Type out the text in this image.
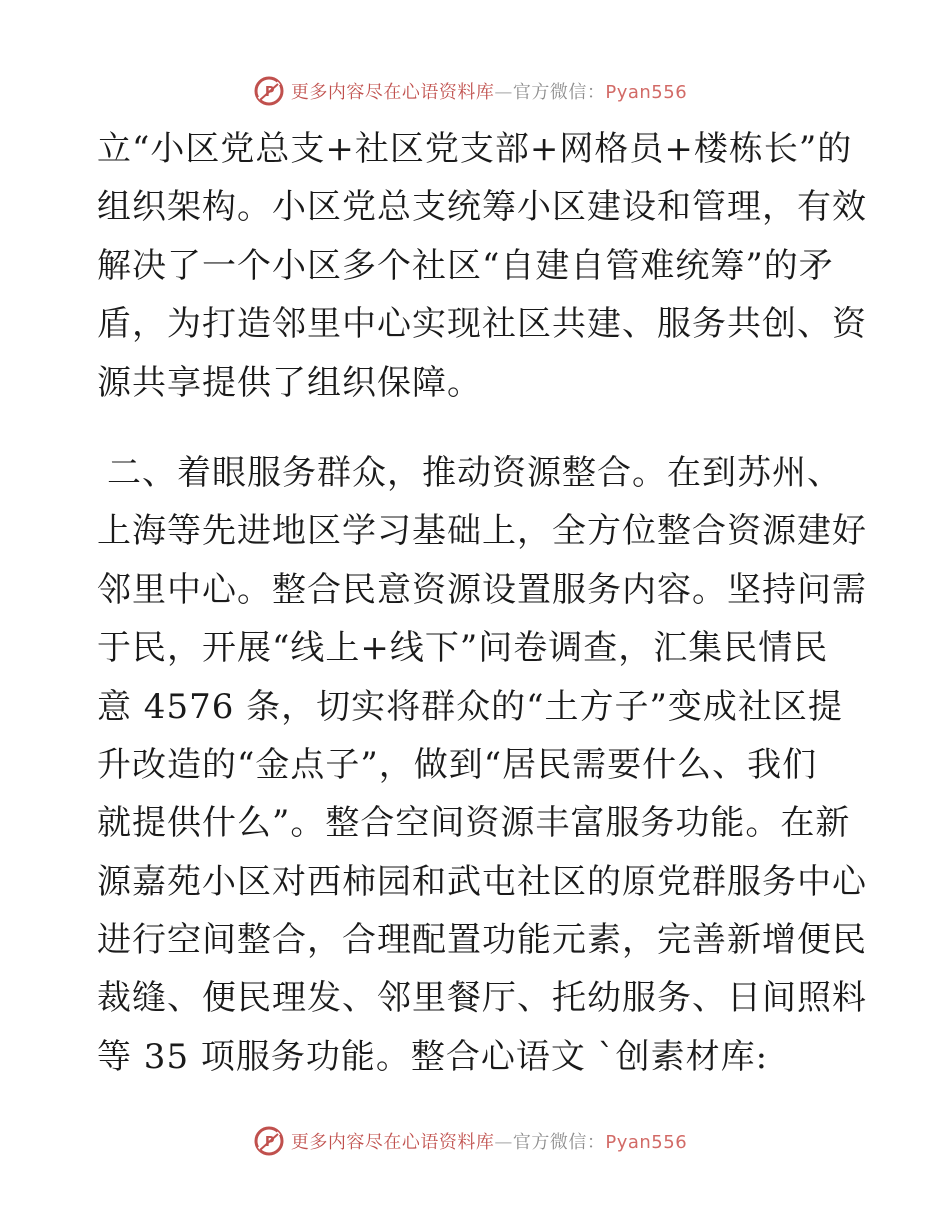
P 更多内容尽在心语资料库—官方微信：Pyan556
立“小区党总支+社区党支部+网格员+楼栋长”的
组织架构。小区党总支统筹小区建设和管理，有效
解决了一个小区多个社区“自建自管难统筹”的矛
盾，为打造邻里中心实现社区共建、服务共创、资
源共享提供了组织保障。
二、着眼服务群众，推动资源整合。在到苏州、
上海等先进地区学习基础上，全方位整合资源建好
邻里中心。整合民意资源设置服务内容。坚持问需
于民，开展“线上+线下”问卷调查，汇集民情民
意 4576 条，切实将群众的“土方子”变成社区提
升改造的“金点子”，做到“居民需要什么、我们
就提供什么”。整合空间资源丰富服务功能。在新
源嘉苑小区对西柿园和武屯社区的原党群服务中心
进行空间整合，合理配置功能元素，完善新增便民
裁缝、便民理发、邻里餐厅、托幼服务、日间照料
等 35 项服务功能。整合心语文 `创素材库:
P 更多内容尽在心语资料库—官方微信：Pyan556
